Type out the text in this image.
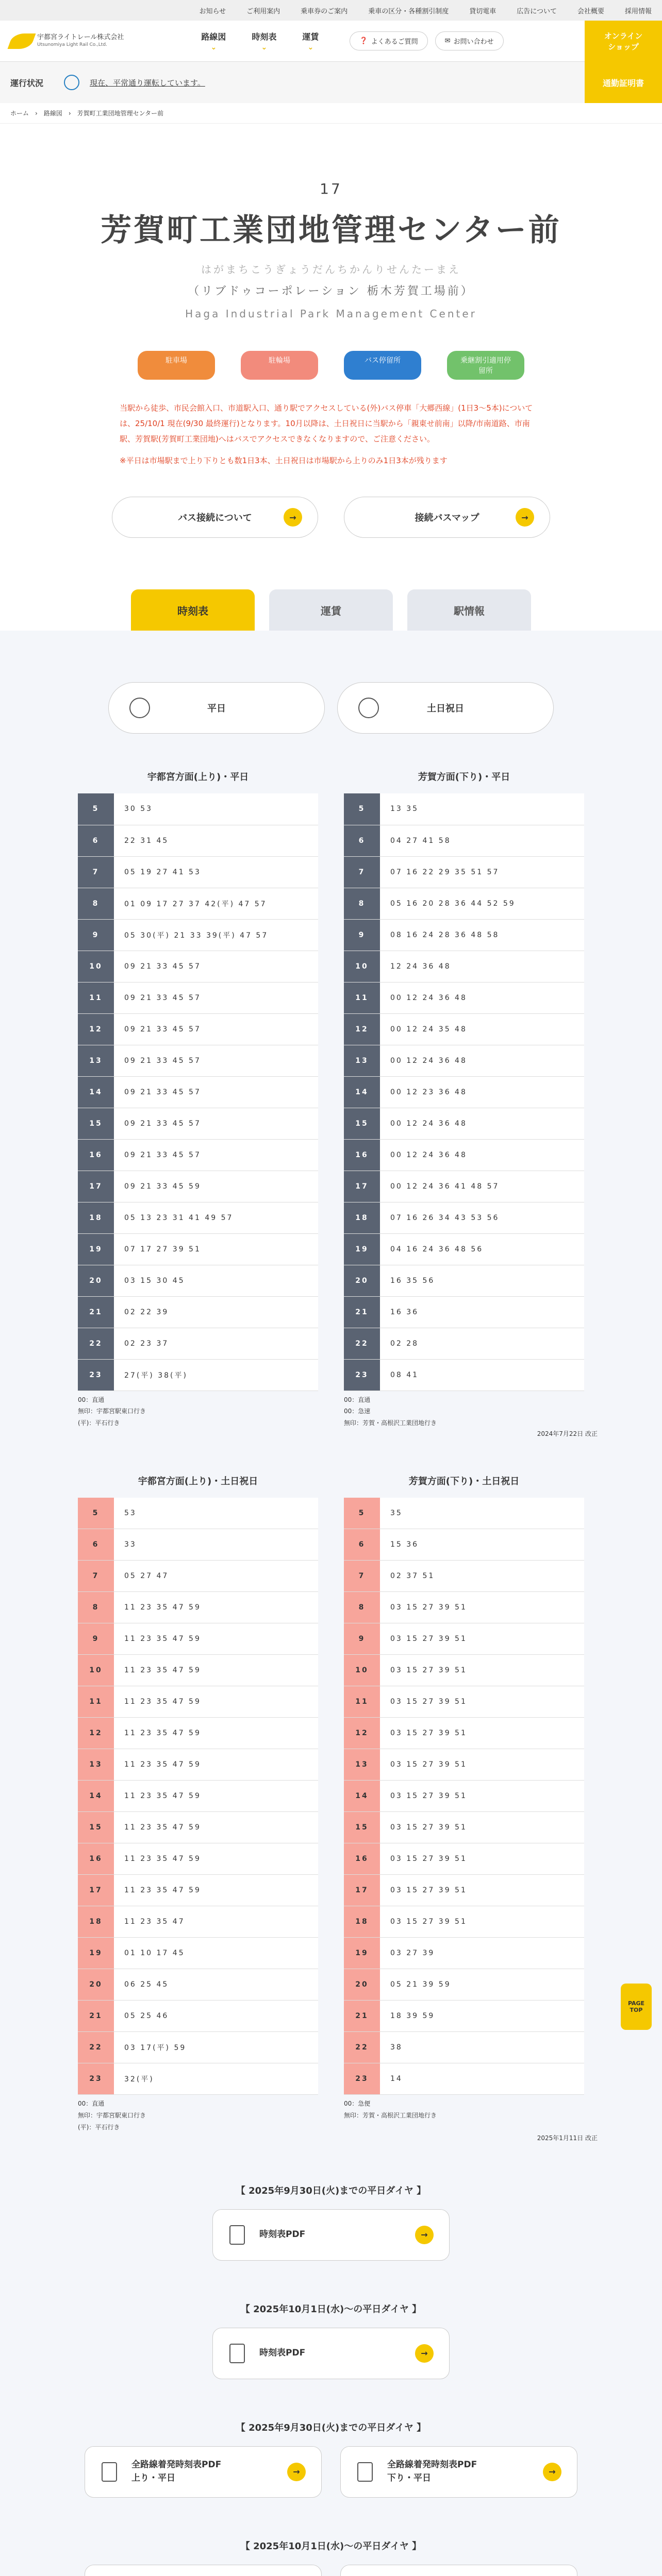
お知らせ	ご利用案内	乗車券のご案内	乗車の区分・各種割引制度	貸切電車	広告について	会社概要	採用情報
宇都宮ライトレール株式会社
Utsunomiya Light Rail Co.,Ltd.
路線図 ⌄	時刻表 ⌄	運賃 ⌄	❓ よくあるご質問	✉ お問い合わせ
オンライン
ショップ
運行状況	現在、平常通り運転しています。	通勤証明書
ホーム › 路線図 › 芳賀町工業団地管理センター前
17
芳賀町工業団地管理センター前
はがまちこうぎょうだんちかんりせんたーまえ
（リブドゥコーポレーション 栃木芳賀工場前）
Haga Industrial Park Management Center
駐車場	駐輪場	バス停留所	乗継割引適用停留所
当駅から徒歩、市民会館入口、市道駅入口、通り駅でアクセスしている(外)バス停車「大郷西線」(1日3〜5本)については、25/10/1 現在(9/30 最終運行)となります。10月以降は、土日祝日に当駅から「親東せ前南」以降/市南道路、市南駅、芳賀駅(芳賀町工業団地)へはバスでアクセスできなくなりますので、ご注意ください。
※平日は市場駅まで上り下りとも数1日3本、土日祝日は市場駅から上りのみ1日3本が残ります
バス接続について	→	接続バスマップ	→
時刻表	運賃	駅情報
平日	土日祝日
宇都宮方面(上り)・平日
5	30 53
6	22 31 45
7	05 19 27 41 53
8	01 09 17 27 37 42(平) 47 57
9	05 30(平) 21 33 39(平) 47 57
10	09 21 33 45 57
11	09 21 33 45 57
12	09 21 33 45 57
13	09 21 33 45 57
14	09 21 33 45 57
15	09 21 33 45 57
16	09 21 33 45 57
17	09 21 33 45 59
18	05 13 23 31 41 49 57
19	07 17 27 39 51
20	03 15 30 45
21	02 22 39
22	02 23 37
23	27(平) 38(平)
00：直通
無印：宇都宮駅東口行き
(平)：平石行き
芳賀方面(下り)・平日
5	13 35
6	04 27 41 58
7	07 16 22 29 35 51 57
8	05 16 20 28 36 44 52 59
9	08 16 24 28 36 48 58
10	12 24 36 48
11	00 12 24 36 48
12	00 12 24 35 48
13	00 12 24 36 48
14	00 12 23 36 48
15	00 12 24 36 48
16	00 12 24 36 48
17	00 12 24 36 41 48 57
18	07 16 26 34 43 53 56
19	04 16 24 36 48 56
20	16 35 56
21	16 36
22	02 28
23	08 41
00：直通
00：急速
無印：芳賀・高根沢工業団地行き
2024年7月22日 改正
宇都宮方面(上り)・土日祝日
5	53
6	33
7	05 27 47
8	11 23 35 47 59
9	11 23 35 47 59
10	11 23 35 47 59
11	11 23 35 47 59
12	11 23 35 47 59
13	11 23 35 47 59
14	11 23 35 47 59
15	11 23 35 47 59
16	11 23 35 47 59
17	11 23 35 47 59
18	11 23 35 47
19	01 10 17 45
20	06 25 45
21	05 25 46
22	03 17(平) 59
23	32(平)
00：直通
無印：宇都宮駅東口行き
(平)：平石行き
芳賀方面(下り)・土日祝日
5	35
6	15 36
7	02 37 51
8	03 15 27 39 51
9	03 15 27 39 51
10	03 15 27 39 51
11	03 15 27 39 51
12	03 15 27 39 51
13	03 15 27 39 51
14	03 15 27 39 51
15	03 15 27 39 51
16	03 15 27 39 51
17	03 15 27 39 51
18	03 15 27 39 51
19	03 27 39
20	05 21 39 59
21	18 39 59
22	38
23	14
00：急便
無印：芳賀・高根沢工業団地行き
2025年1月11日 改正
【 2025年9月30日(火)までの平日ダイヤ 】
時刻表PDF	→
【 2025年10月1日(水)〜の平日ダイヤ 】
時刻表PDF	→
【 2025年9月30日(火)までの平日ダイヤ 】
全路線着発時刻表PDF
上り・平日
→
全路線着発時刻表PDF
下り・平日
→
【 2025年10月1日(水)〜の平日ダイヤ 】

PAGE
TOP
